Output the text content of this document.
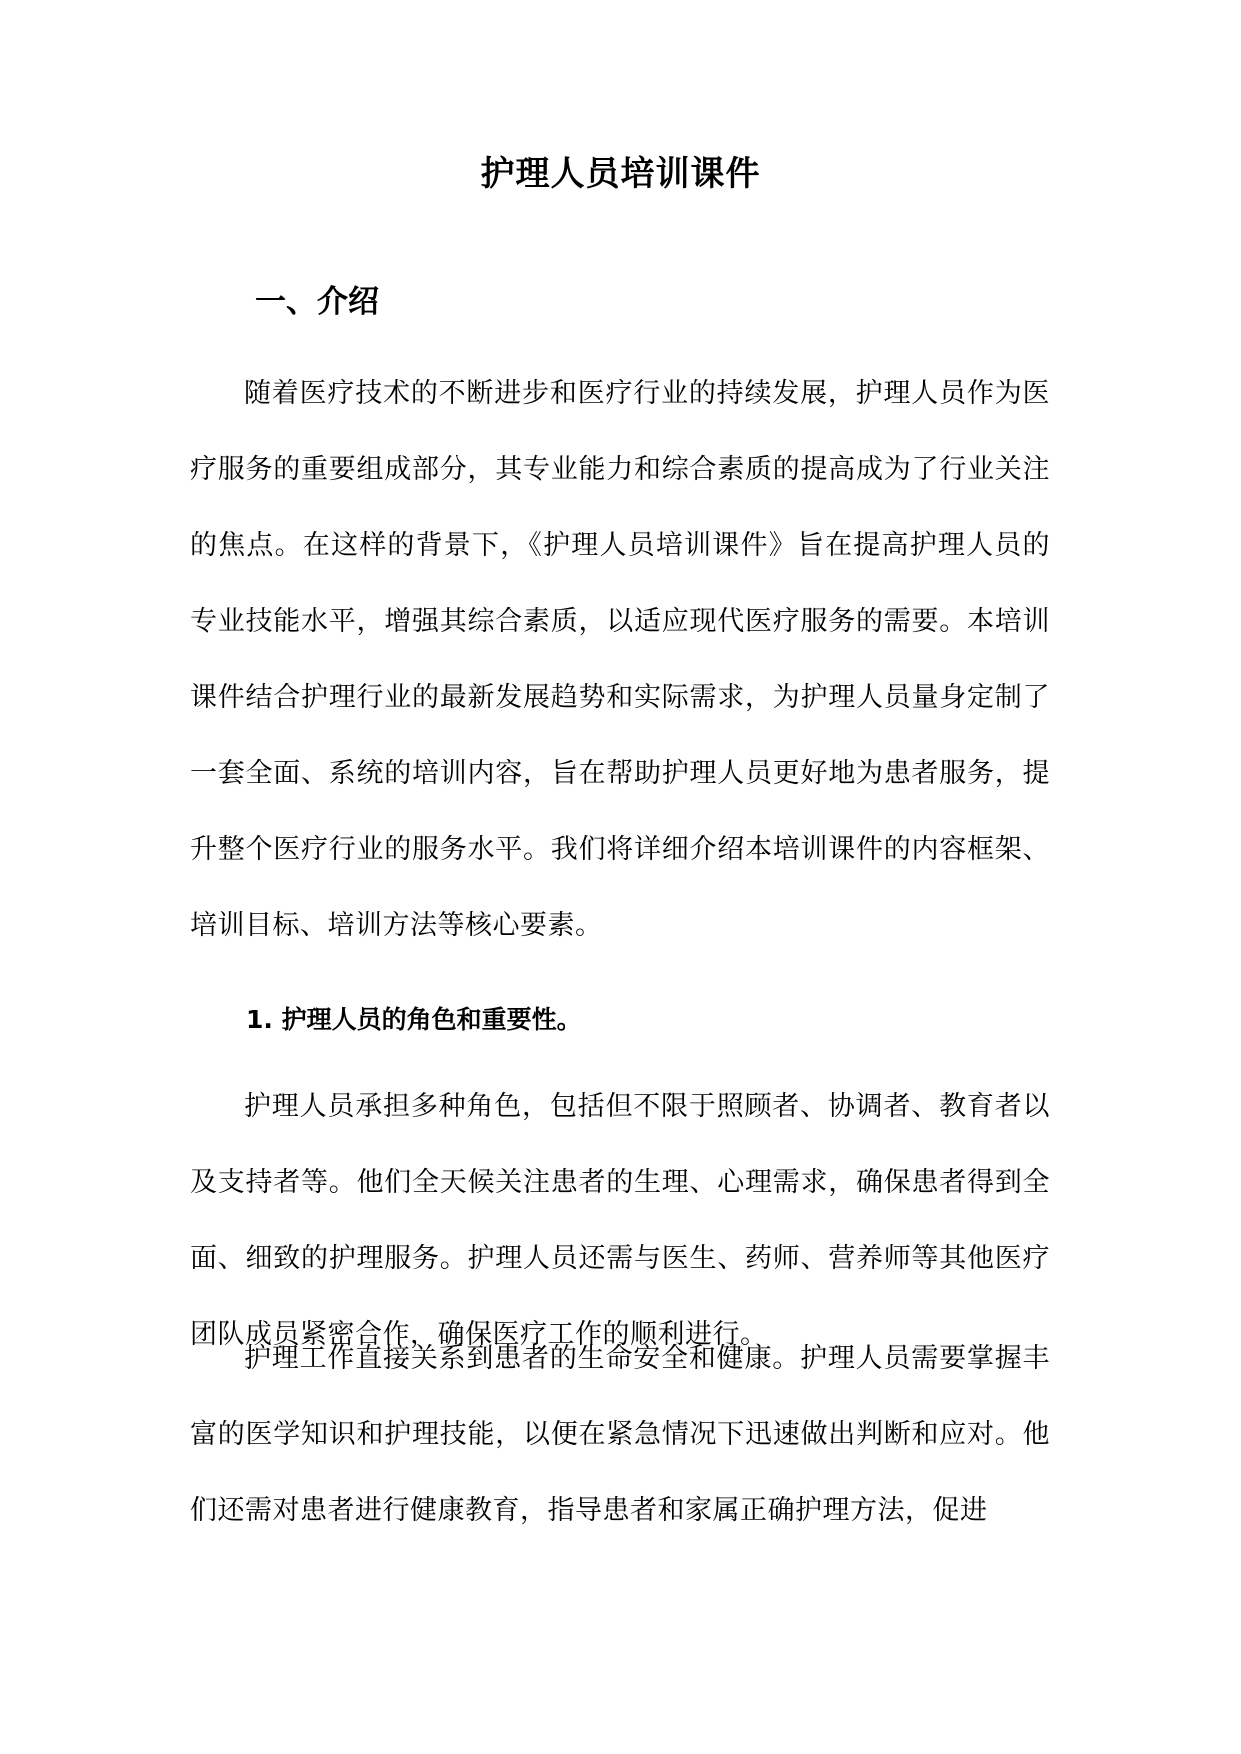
护理人员培训课件
一、介绍

随着医疗技术的不断进步和医疗行业的持续发展，护理人员作为医疗服务的重要组成部分，其专业能力和综合素质的提高成为了行业关注的焦点。在这样的背景下，《护理人员培训课件》旨在提高护理人员的专业技能水平，增强其综合素质，以适应现代医疗服务的需要。本培训课件结合护理行业的最新发展趋势和实际需求，为护理人员量身定制了一套全面、系统的培训内容，旨在帮助护理人员更好地为患者服务，提升整个医疗行业的服务水平。我们将详细介绍本培训课件的内容框架、培训目标、培训方法等核心要素。

1. 护理人员的角色和重要性。

护理人员承担多种角色，包括但不限于照顾者、协调者、教育者以及支持者等。他们全天候关注患者的生理、心理需求，确保患者得到全面、细致的护理服务。护理人员还需与医生、药师、营养师等其他医疗团队成员紧密合作，确保医疗工作的顺利进行。

护理工作直接关系到患者的生命安全和健康。护理人员需要掌握丰富的医学知识和护理技能，以便在紧急情况下迅速做出判断和应对。他们还需对患者进行健康教育，指导患者和家属正确护理方法，促进
